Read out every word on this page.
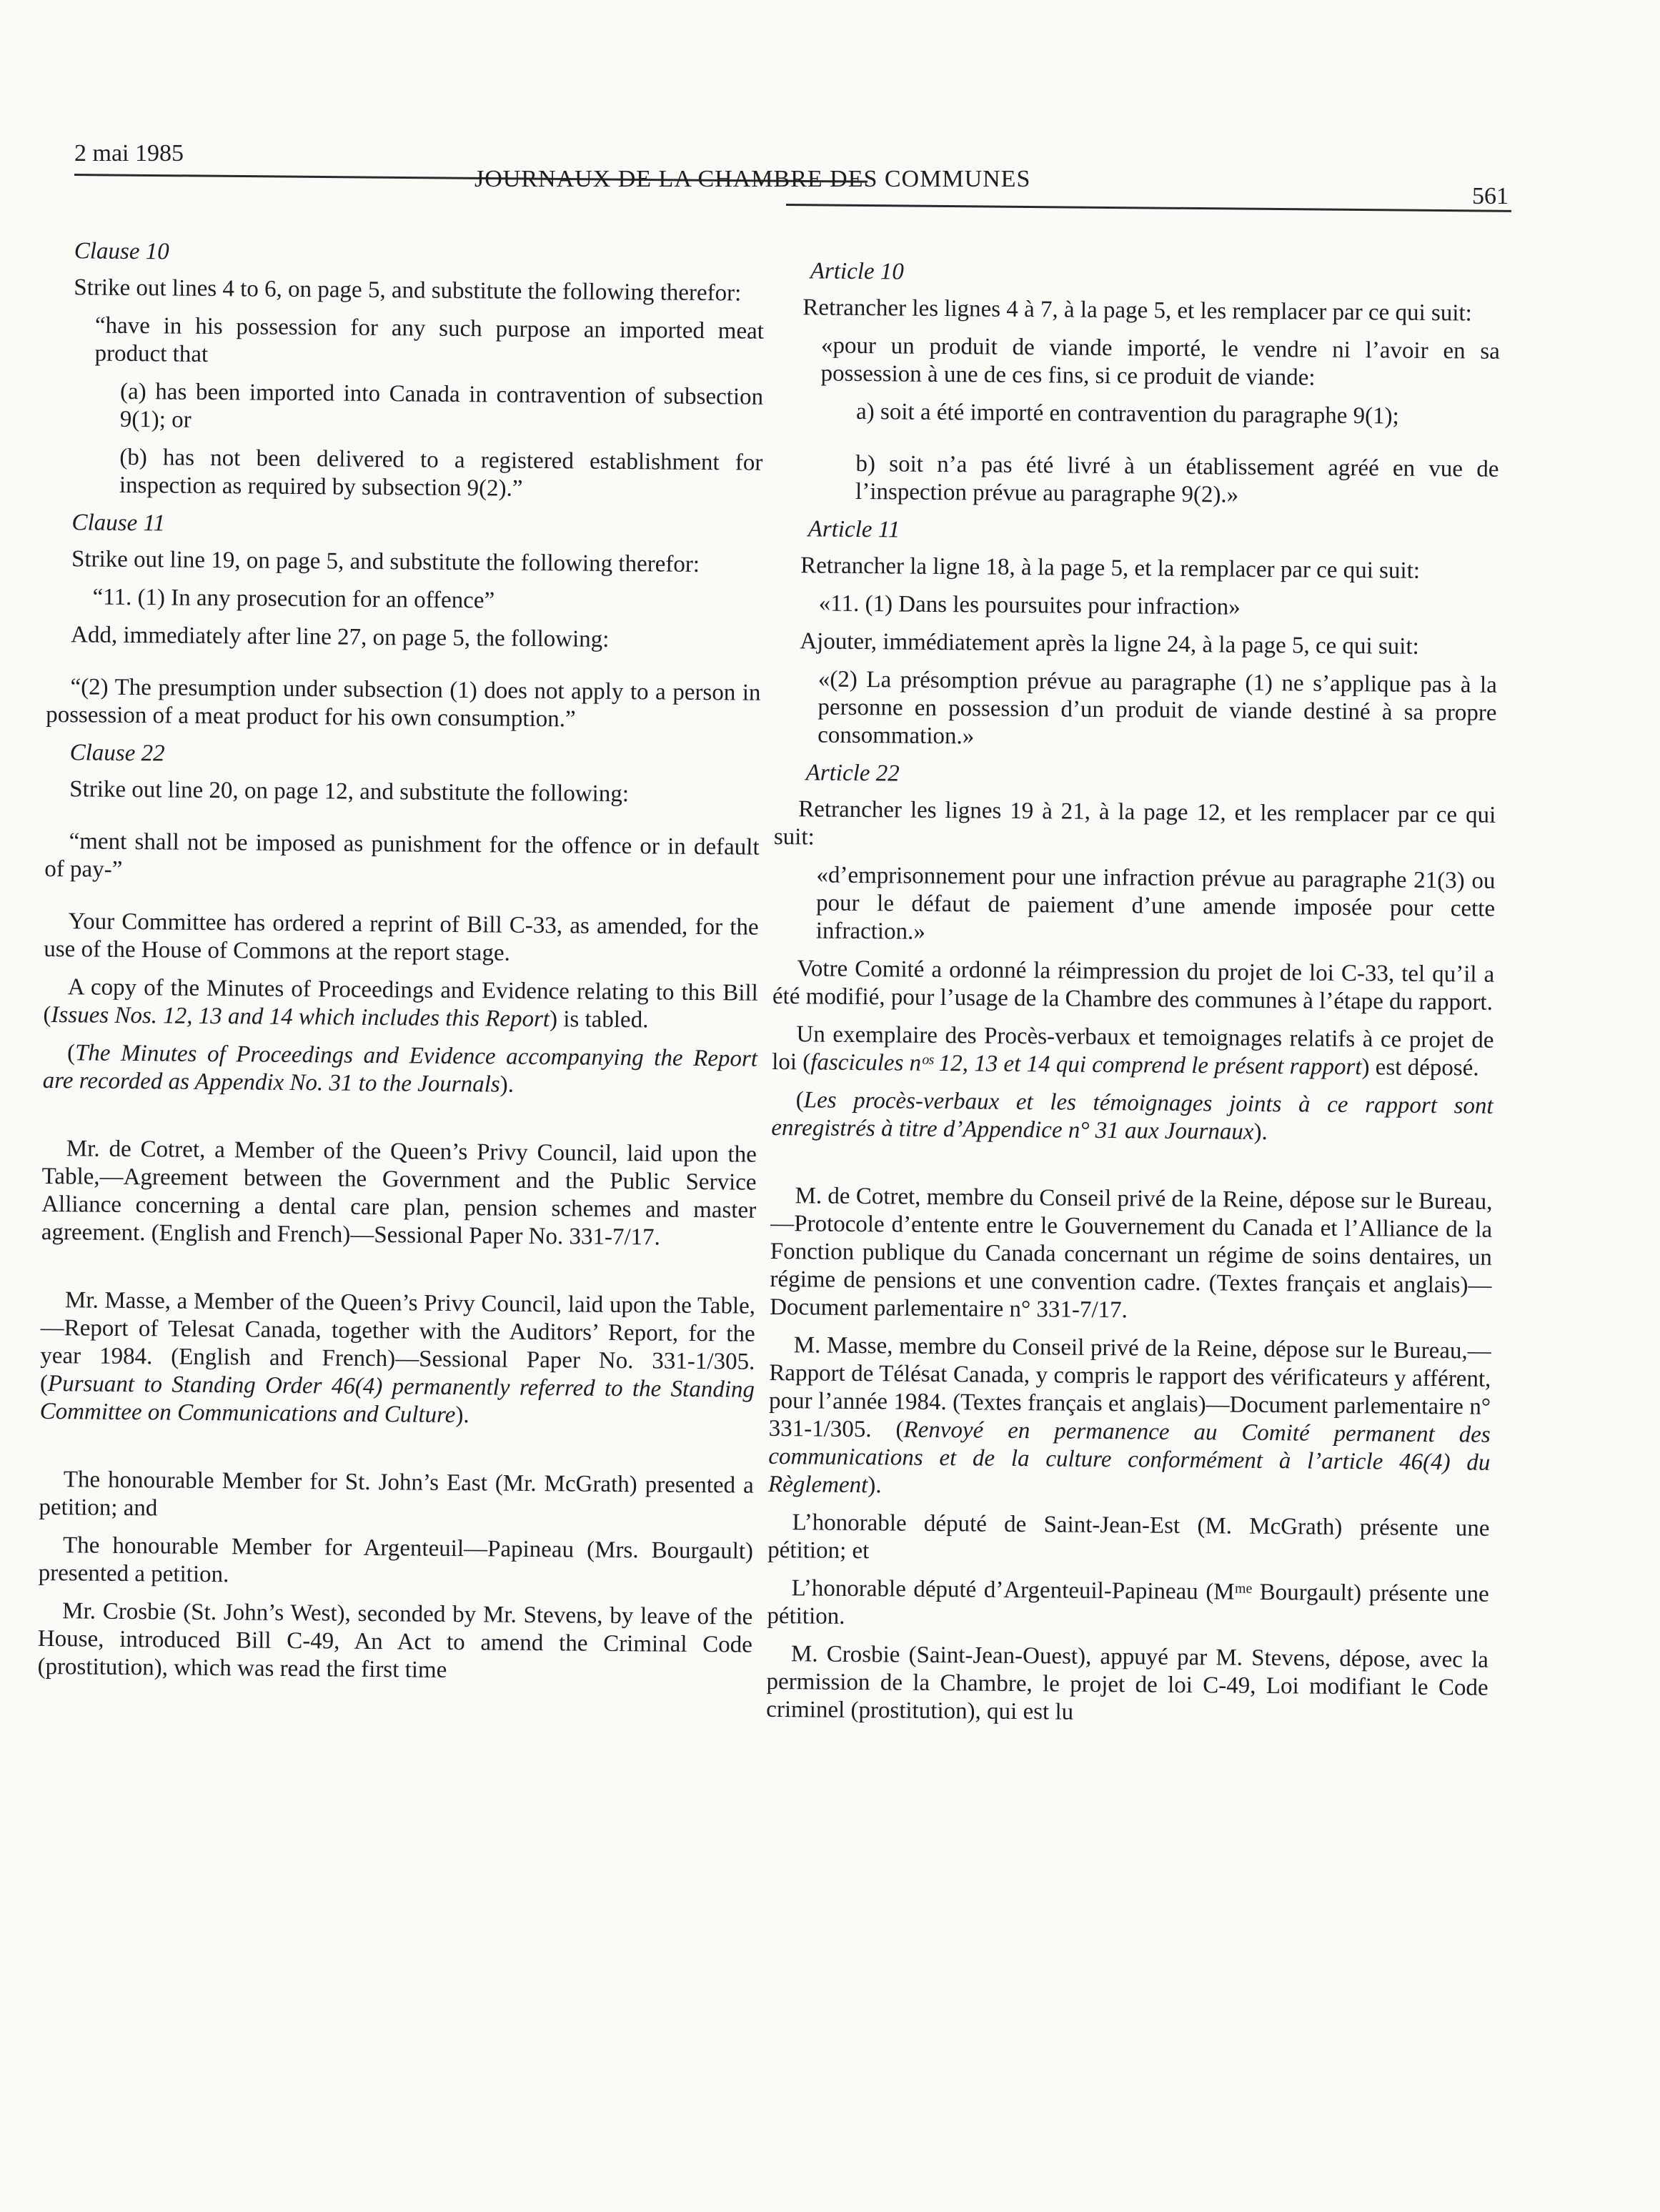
2 mai 1985
JOURNAUX DE LA CHAMBRE DES COMMUNES
561
Clause 10

Strike out lines 4 to 6, on page 5, and substitute the following therefor:

“have in his possession for any such purpose an imported meat product that

(a) has been imported into Canada in contravention of subsection 9(1); or

(b) has not been delivered to a registered establishment for inspection as required by subsection 9(2).”

Clause 11

Strike out line 19, on page 5, and substitute the following therefor:

“11. (1) In any prosecution for an offence”

Add, immediately after line 27, on page 5, the following:

“(2) The presumption under subsection (1) does not apply to a person in possession of a meat product for his own consumption.”

Clause 22

Strike out line 20, on page 12, and substitute the following:

“ment shall not be imposed as punishment for the offence or in default of pay-”

Your Committee has ordered a reprint of Bill C-33, as amended, for the use of the House of Commons at the report stage.

A copy of the Minutes of Proceedings and Evidence relating to this Bill (Issues Nos. 12, 13 and 14 which includes this Report) is tabled.

(The Minutes of Proceedings and Evidence accompanying the Report are recorded as Appendix No. 31 to the Journals).

Mr. de Cotret, a Member of the Queen’s Privy Council, laid upon the Table,—Agreement between the Government and the Public Service Alliance concerning a dental care plan, pension schemes and master agreement. (English and French)—Sessional Paper No. 331-7/17.

Mr. Masse, a Member of the Queen’s Privy Council, laid upon the Table,—Report of Telesat Canada, together with the Auditors’ Report, for the year 1984. (English and French)—Sessional Paper No. 331-1/305. (Pursuant to Standing Order 46(4) permanently referred to the Standing Committee on Communications and Culture).

The honourable Member for St. John’s East (Mr. McGrath) presented a petition; and

The honourable Member for Argenteuil—Papineau (Mrs. Bourgault) presented a petition.

Mr. Crosbie (St. John’s West), seconded by Mr. Stevens, by leave of the House, introduced Bill C-49, An Act to amend the Criminal Code (prostitution), which was read the first time

Article 10

Retrancher les lignes 4 à 7, à la page 5, et les remplacer par ce qui suit:

«pour un produit de viande importé, le vendre ni l’avoir en sa possession à une de ces fins, si ce produit de viande:

a) soit a été importé en contravention du paragraphe 9(1);

b) soit n’a pas été livré à un établissement agréé en vue de l’inspection prévue au paragraphe 9(2).»

Article 11

Retrancher la ligne 18, à la page 5, et la remplacer par ce qui suit:

«11. (1) Dans les poursuites pour infraction»

Ajouter, immédiatement après la ligne 24, à la page 5, ce qui suit:

«(2) La présomption prévue au paragraphe (1) ne s’applique pas à la personne en possession d’un produit de viande destiné à sa propre consommation.»

Article 22

Retrancher les lignes 19 à 21, à la page 12, et les remplacer par ce qui suit:

«d’emprisonnement pour une infraction prévue au paragraphe 21(3) ou pour le défaut de paiement d’une amende imposée pour cette infraction.»

Votre Comité a ordonné la réimpression du projet de loi C-33, tel qu’il a été modifié, pour l’usage de la Chambre des communes à l’étape du rapport.

Un exemplaire des Procès-verbaux et temoignages relatifs à ce projet de loi (fascicules nᵒˢ 12, 13 et 14 qui comprend le présent rapport) est déposé.

(Les procès-verbaux et les témoignages joints à ce rapport sont enregistrés à titre d’Appendice n° 31 aux Journaux).

M. de Cotret, membre du Conseil privé de la Reine, dépose sur le Bureau,—Protocole d’entente entre le Gouvernement du Canada et l’Alliance de la Fonction publique du Canada concernant un régime de soins dentaires, un régime de pensions et une convention cadre. (Textes français et anglais)—Document parlementaire n° 331-7/17.

M. Masse, membre du Conseil privé de la Reine, dépose sur le Bureau,—Rapport de Télésat Canada, y compris le rapport des vérificateurs y afférent, pour l’année 1984. (Textes français et anglais)—Document parlementaire n° 331-1/305. (Renvoyé en permanence au Comité permanent des communications et de la culture conformément à l’article 46(4) du Règlement).

L’honorable député de Saint-Jean-Est (M. McGrath) présente une pétition; et

L’honorable député d’Argenteuil-Papineau (Mᵐᵉ Bourgault) présente une pétition.

M. Crosbie (Saint-Jean-Ouest), appuyé par M. Stevens, dépose, avec la permission de la Chambre, le projet de loi C-49, Loi modifiant le Code criminel (prostitution), qui est lu
